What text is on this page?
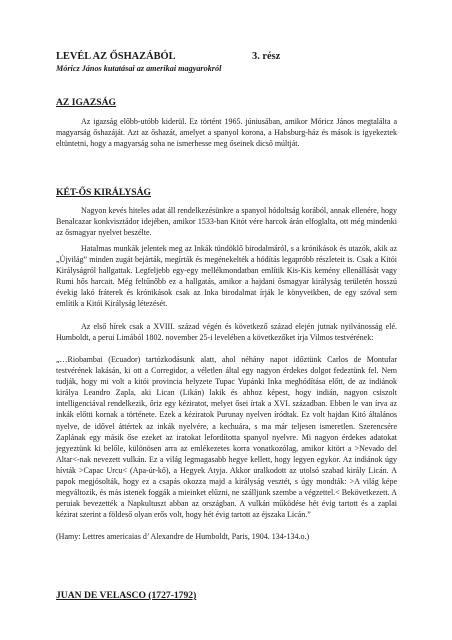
LEVÉL AZ ŐSHAZÁBÓL	3. rész
Móricz János kutatásai az amerikai magyarokról
AZ IGAZSÁG

Az igazság előbb-utóbb kiderül. Ez történt 1965. júniusában, amikor Móricz János megtalálta a magyarság őshazáját. Azt az őshazát, amelyet a spanyol korona, a Habsburg-ház és mások is igyekeztek eltüntetni, hogy a magyarság soha ne ismerhesse meg őseinek dicső múltját.

KÉT-ŐS KIRÁLYSÁG

Nagyon kevés hiteles adat áll rendelkezésünkre a spanyol hódoltság korából, annak ellenére, hogy Benalcazar konkvisztádor idejében, amikor 1533-ban Kitót vére harcok árán elfoglalta, ott még mindenki az ősmagyar nyelvet beszélte.

Hatalmas munkák jelentek meg az Inkák tündöklő birodalmáról, s a krónikások és utazók, akik az „Újvilág” minden zugát bejárták, megírták és megénekelték a hódítás legapróbb részleteit is. Csak a Kitói Királyságról hallgattak. Legfeljebb egy-egy mellékmondatban említik Kis-Kis kemény ellenállását vagy Rumi hős harcait. Még feltűnőbb ez a hallgatás, amikor a hajdani ősmagyar királyság területén hosszú évekig lakó fráterek és krónikások csak az Inka birodalmat írják le könyveikben, de egy szóval sem említik a Kitói Királyság létezését.

Az első hírek csak a XVIII. század végén és következő század elején jutnak nyilvánosság elé. Humboldt, a perui Limából 1802. november 25-i levelében a következőket írja Vilmos testvérének:

„…Riobambai (Ecuador) tartózkodásunk alatt, ahol néhány napot időztünk Carlos de Montufar testvérének lakásán, ki ott a Corregidor, a véletlen által egy nagyon érdekes dolgot fedeztünk fel. Nem tudják, hogy mi volt a kitói provincia helyzete Tupac Yupánki Inka meghódítása előtt, de az indiánok királya Leandro Zapla, aki Lican (Likán) lakik és ahhoz képest, hogy indián, nagyon csiszolt intelligenciával rendelkezik, őriz egy kéziratot, melyet ősei írtak a XVI. században. Ebben le van írva az inkák előtti kornak a története. Ezek a kéziratok Purunay nyelven íródtak. Ez volt hajdan Kitó általános nyelve, de idővel áttértek az inkák nyelvére, a kechuára, s ma már teljesen ismeretlen. Szerencsére Zaplának egy másik őse ezeket az iratokat lefordította spanyol nyelvre. Mi nagyon érdekes adatokat jegyeztünk ki belőle, különösen arra az emlékezetes korra vonatkozólag, amikor kitört a >Nevado del Altar<-nak nevezett vulkán. Ez a világ legmagasabb hegye kellett, hogy legyen egykor. Az indiánok úgy hívták >Capac Urcu< (Apa-úr-kő), a Hegyek Atyja. Akkor uralkodott az utolsó szabad király Licán. A papok megjósolták, hogy ez a csapás okozza majd a királyság vesztét, s úgy mondták: >A világ képe megváltozik, és más istenek foggák a mieinket elűzni, ne szálljunk szembe a végzettel.< Bekövetkezett. A peruiak bevezették a Napkultuszt abban az országban. A vulkán működése hét évig tartott és a zaplai kézirat szerint a földeső olyan erős volt, hogy hét évig tartott az éjszaka Licán.”

(Hamy: Lettres americaias d’ Alexandre de Humboldt, Paris, 1904. 134-134.o.)

JUAN DE VELASCO (1727-1792)
